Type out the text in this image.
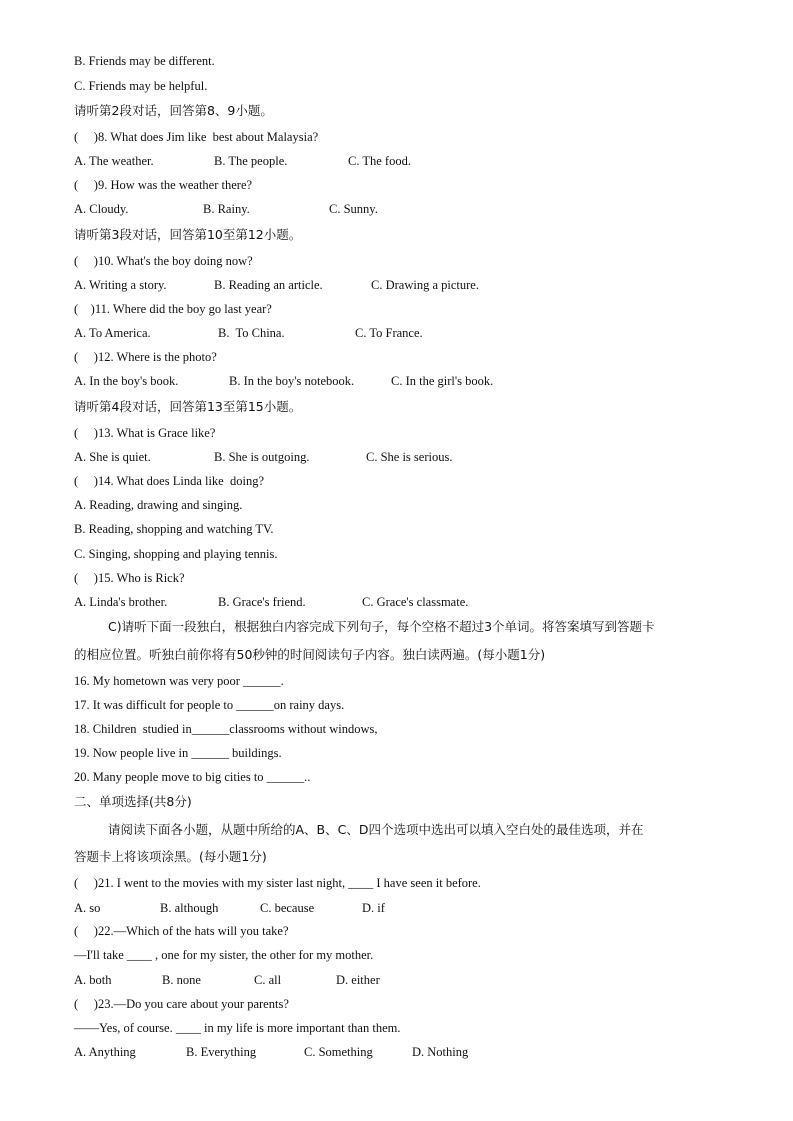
B. Friends may be different.
C. Friends may be helpful.
请听第2段对话，回答第8、9小题。
(     )8. What does Jim like  best about Malaysia?
A. The weather.	B. The people.	C. The food.
(     )9. How was the weather there?
A. Cloudy.	B. Rainy.	C. Sunny.
请听第3段对话，回答第10至第12小题。
(     )10. What's the boy doing now?
A. Writing a story.	B. Reading an article.	C. Drawing a picture.
(    )11. Where did the boy go last year?
A. To America.	B.  To China.	C. To France.
(     )12. Where is the photo?
A. In the boy's book.	B. In the boy's notebook.	C. In the girl's book.
请听第4段对话，回答第13至第15小题。
(     )13. What is Grace like?
A. She is quiet.	B. She is outgoing.	C. She is serious.
(     )14. What does Linda like  doing?
A. Reading, drawing and singing.
B. Reading, shopping and watching TV.
C. Singing, shopping and playing tennis.
(     )15. Who is Rick?
A. Linda's brother.	B. Grace's friend.	C. Grace's classmate.
C)请听下面一段独白，根据独白内容完成下列句子，每个空格不超过3个单词。将答案填写到答题卡
的相应位置。听独白前你将有50秒钟的时间阅读句子内容。独白读两遍。(每小题1分)
16. My hometown was very poor ______.
17. It was difficult for people to ______on rainy days.
18. Children  studied in______classrooms without windows,
19. Now people live in ______ buildings.
20. Many people move to big cities to ______..
二、单项选择(共8分)
请阅读下面各小题，从题中所给的A、B、C、D四个选项中选出可以填入空白处的最佳选项，并在
答题卡上将该项涂黑。(每小题1分)
(     )21. I went to the movies with my sister last night, ____ I have seen it before.
A. so	B. although	C. because	D. if
(     )22.—Which of the hats will you take?
—I'll take ____ , one for my sister, the other for my mother.
A. both	B. none	C. all	D. either
(     )23.—Do you care about your parents?
——Yes, of course. ____ in my life is more important than them.
A. Anything	B. Everything	C. Something	D. Nothing
